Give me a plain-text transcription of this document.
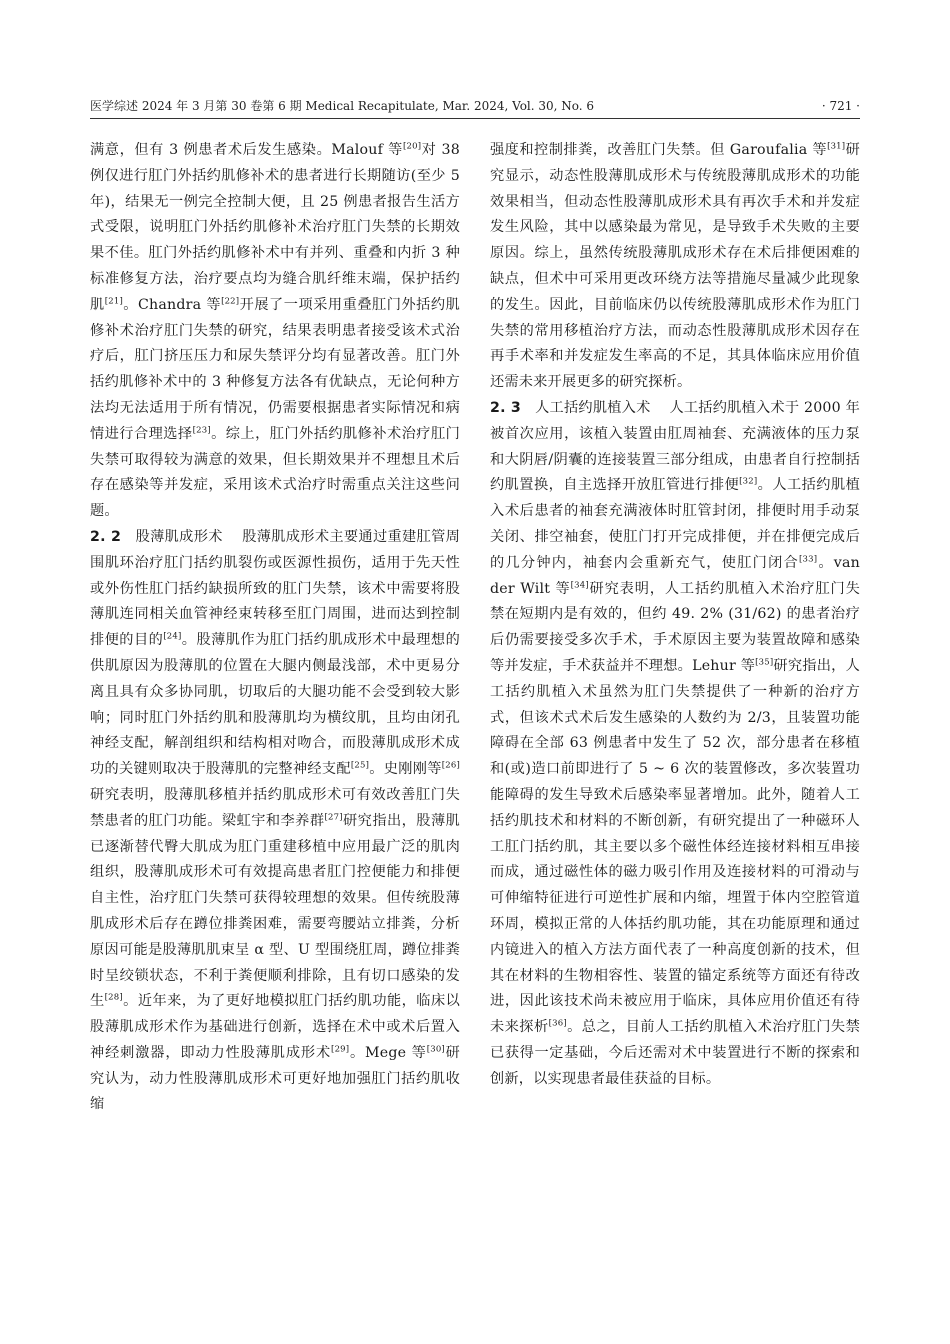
医学综述 2024 年 3 月第 30 卷第 6 期 Medical Recapitulate, Mar. 2024, Vol. 30, No. 6	· 721 ·

满意，但有 3 例患者术后发生感染。Malouf 等[20]对 38 例仅进行肛门外括约肌修补术的患者进行长期随访(至少 5 年)，结果无一例完全控制大便，且 25 例患者报告生活方式受限，说明肛门外括约肌修补术治疗肛门失禁的长期效果不佳。肛门外括约肌修补术中有并列、重叠和内折 3 种标准修复方法，治疗要点均为缝合肌纤维末端，保护括约肌[21]。Chandra 等[22]开展了一项采用重叠肛门外括约肌修补术治疗肛门失禁的研究，结果表明患者接受该术式治疗后，肛门挤压压力和尿失禁评分均有显著改善。肛门外括约肌修补术中的 3 种修复方法各有优缺点，无论何种方法均无法适用于所有情况，仍需要根据患者实际情况和病情进行合理选择[23]。综上，肛门外括约肌修补术治疗肛门失禁可取得较为满意的效果，但长期效果并不理想且术后存在感染等并发症，采用该术式治疗时需重点关注这些问题。

2. 2 股薄肌成形术 股薄肌成形术主要通过重建肛管周围肌环治疗肛门括约肌裂伤或医源性损伤，适用于先天性或外伤性肛门括约缺损所致的肛门失禁，该术中需要将股薄肌连同相关血管神经束转移至肛门周围，进而达到控制排便的目的[24]。股薄肌作为肛门括约肌成形术中最理想的供肌原因为股薄肌的位置在大腿内侧最浅部，术中更易分离且具有众多协同肌，切取后的大腿功能不会受到较大影响；同时肛门外括约肌和股薄肌均为横纹肌，且均由闭孔神经支配，解剖组织和结构相对吻合，而股薄肌成形术成功的关键则取决于股薄肌的完整神经支配[25]。史刚刚等[26]研究表明，股薄肌移植并括约肌成形术可有效改善肛门失禁患者的肛门功能。梁虹宇和李养群[27]研究指出，股薄肌已逐渐替代臀大肌成为肛门重建移植中应用最广泛的肌肉组织，股薄肌成形术可有效提高患者肛门控便能力和排便自主性，治疗肛门失禁可获得较理想的效果。但传统股薄肌成形术后存在蹲位排粪困难，需要弯腰站立排粪，分析原因可能是股薄肌肌束呈 α 型、U 型围绕肛周，蹲位排粪时呈绞锁状态，不利于粪便顺利排除，且有切口感染的发生[28]。近年来，为了更好地模拟肛门括约肌功能，临床以股薄肌成形术作为基础进行创新，选择在术中或术后置入神经刺激器，即动力性股薄肌成形术[29]。Mege 等[30]研究认为，动力性股薄肌成形术可更好地加强肛门括约肌收缩

强度和控制排粪，改善肛门失禁。但 Garoufalia 等[31]研究显示，动态性股薄肌成形术与传统股薄肌成形术的功能效果相当，但动态性股薄肌成形术具有再次手术和并发症发生风险，其中以感染最为常见，是导致手术失败的主要原因。综上，虽然传统股薄肌成形术存在术后排便困难的缺点，但术中可采用更改环绕方法等措施尽量减少此现象的发生。因此，目前临床仍以传统股薄肌成形术作为肛门失禁的常用移植治疗方法，而动态性股薄肌成形术因存在再手术率和并发症发生率高的不足，其具体临床应用价值还需未来开展更多的研究探析。

2. 3 人工括约肌植入术 人工括约肌植入术于 2000 年被首次应用，该植入装置由肛周袖套、充满液体的压力泵和大阴唇/阴囊的连接装置三部分组成，由患者自行控制括约肌置换，自主选择开放肛管进行排便[32]。人工括约肌植入术后患者的袖套充满液体时肛管封闭，排便时用手动泵关闭、排空袖套，使肛门打开完成排便，并在排便完成后的几分钟内，袖套内会重新充气，使肛门闭合[33]。van der Wilt 等[34]研究表明，人工括约肌植入术治疗肛门失禁在短期内是有效的，但约 49. 2% (31/62) 的患者治疗后仍需要接受多次手术，手术原因主要为装置故障和感染等并发症，手术获益并不理想。Lehur 等[35]研究指出，人工括约肌植入术虽然为肛门失禁提供了一种新的治疗方式，但该术式术后发生感染的人数约为 2/3，且装置功能障碍在全部 63 例患者中发生了 52 次，部分患者在移植和(或)造口前即进行了 5 ~ 6 次的装置修改，多次装置功能障碍的发生导致术后感染率显著增加。此外，随着人工括约肌技术和材料的不断创新，有研究提出了一种磁环人工肛门括约肌，其主要以多个磁性体经连接材料相互串接而成，通过磁性体的磁力吸引作用及连接材料的可滑动与可伸缩特征进行可逆性扩展和内缩，埋置于体内空腔管道环周，模拟正常的人体括约肌功能，其在功能原理和通过内镜进入的植入方法方面代表了一种高度创新的技术，但其在材料的生物相容性、装置的锚定系统等方面还有待改进，因此该技术尚未被应用于临床，具体应用价值还有待未来探析[36]。总之，目前人工括约肌植入术治疗肛门失禁已获得一定基础，今后还需对术中装置进行不断的探索和创新，以实现患者最佳获益的目标。
